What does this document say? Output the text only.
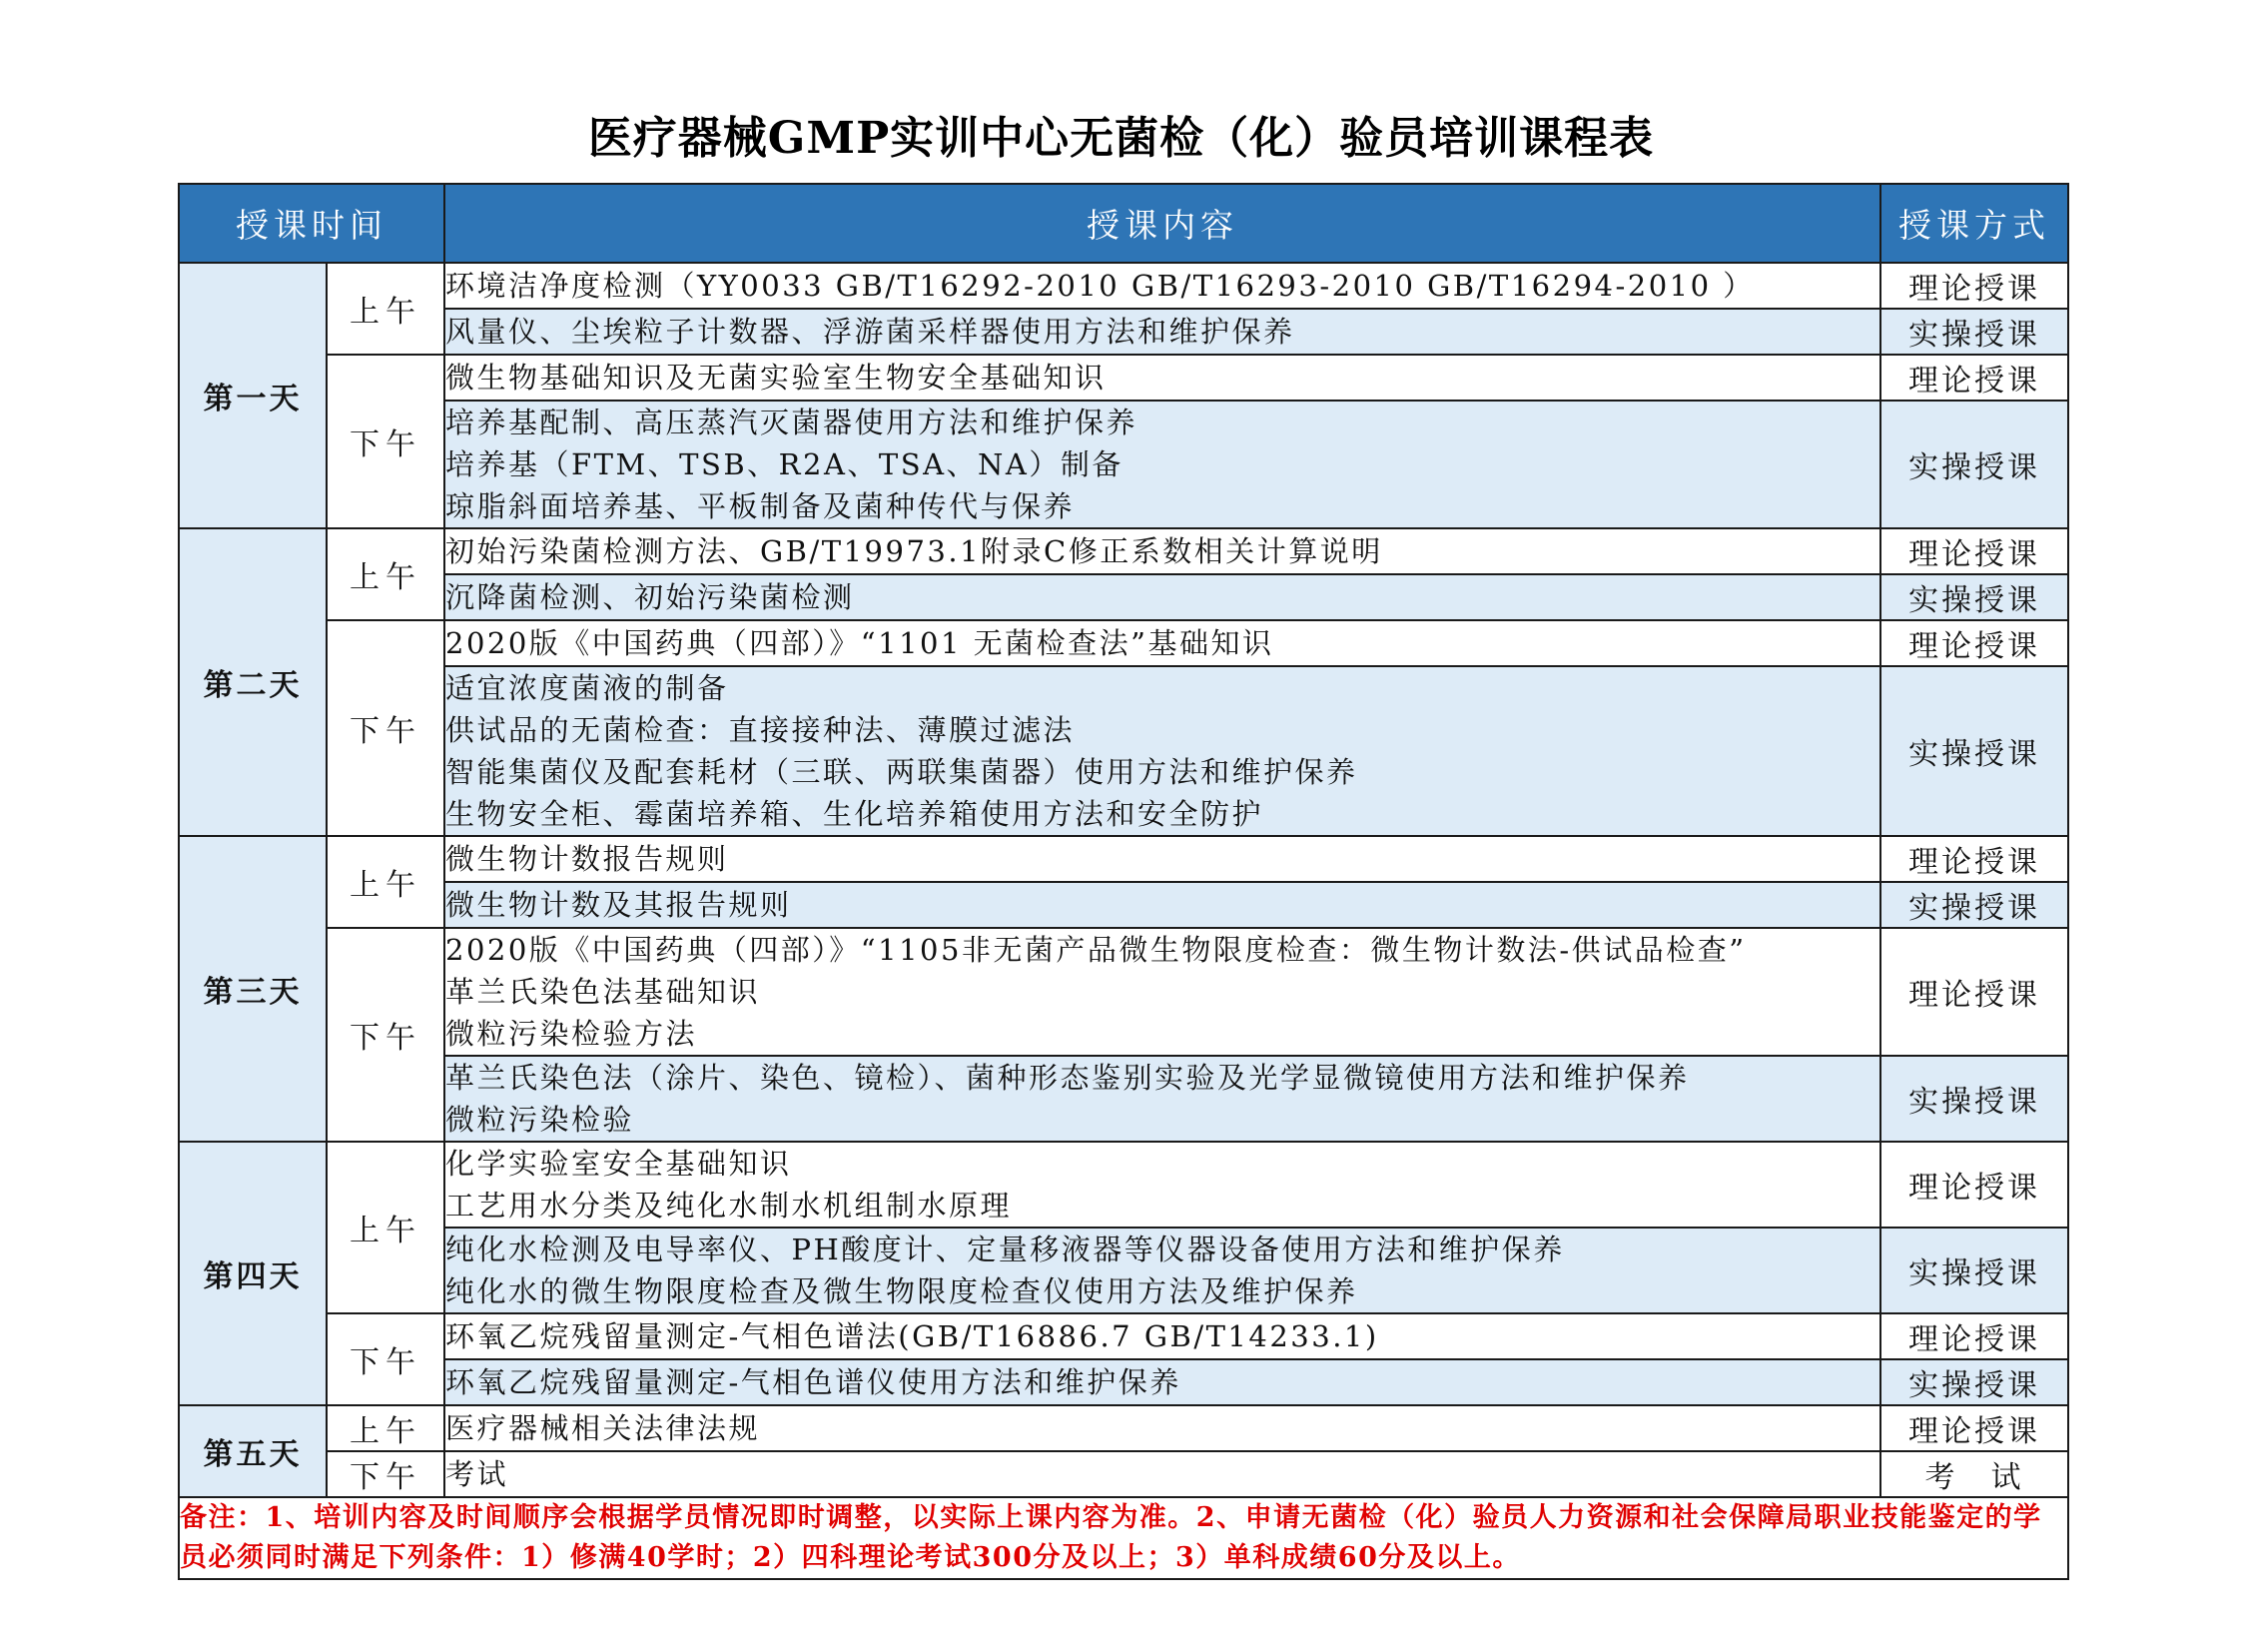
医疗器械GMP实训中心无菌检（化）验员培训课程表
授课时间		授课内容	授课方式
第一天	上午	环境洁净度检测（YY0033 GB/T16292-2010 GB/T16293-2010 GB/T16294-2010 ）	理论授课

		风量仪、尘埃粒子计数器、浮游菌采样器使用方法和维护保养	实操授课
	下午	微生物基础知识及无菌实验室生物安全基础知识	理论授课

		培养基配制、高压蒸汽灭菌器使用方法和维护保养
培养基（FTM、TSB、R2A、TSA、NA）制备
琼脂斜面培养基、平板制备及菌种传代与保养	实操授课
第二天	上午	初始污染菌检测方法、GB/T19973.1附录C修正系数相关计算说明	理论授课

		沉降菌检测、初始污染菌检测	实操授课
	下午	2020版《中国药典（四部）》“1101 无菌检查法”基础知识	理论授课

		适宜浓度菌液的制备
供试品的无菌检查：直接接种法、薄膜过滤法
智能集菌仪及配套耗材（三联、两联集菌器）使用方法和维护保养
生物安全柜、霉菌培养箱、生化培养箱使用方法和安全防护	实操授课
第三天	上午	微生物计数报告规则	理论授课

		微生物计数及其报告规则	实操授课
	下午	2020版《中国药典（四部）》“1105非无菌产品微生物限度检查：微生物计数法-供试品检查”
革兰氏染色法基础知识
微粒污染检验方法	理论授课

		革兰氏染色法（涂片、染色、镜检）、菌种形态鉴别实验及光学显微镜使用方法和维护保养
微粒污染检验	实操授课
第四天	上午	化学实验室安全基础知识
工艺用水分类及纯化水制水机组制水原理	理论授课

		纯化水检测及电导率仪、PH酸度计、定量移液器等仪器设备使用方法和维护保养
纯化水的微生物限度检查及微生物限度检查仪使用方法及维护保养	实操授课
	下午	环氧乙烷残留量测定-气相色谱法(GB/T16886.7 GB/T14233.1)	理论授课

		环氧乙烷残留量测定-气相色谱仪使用方法和维护保养	实操授课
第五天	上午	医疗器械相关法律法规	理论授课
	下午	考试	考　试
备注：1、培训内容及时间顺序会根据学员情况即时调整，以实际上课内容为准。2、申请无菌检（化）验员人力资源和社会保障局职业技能鉴定的学员必须同时满足下列条件：1）修满40学时；2）四科理论考试300分及以上；3）单科成绩60分及以上。			
